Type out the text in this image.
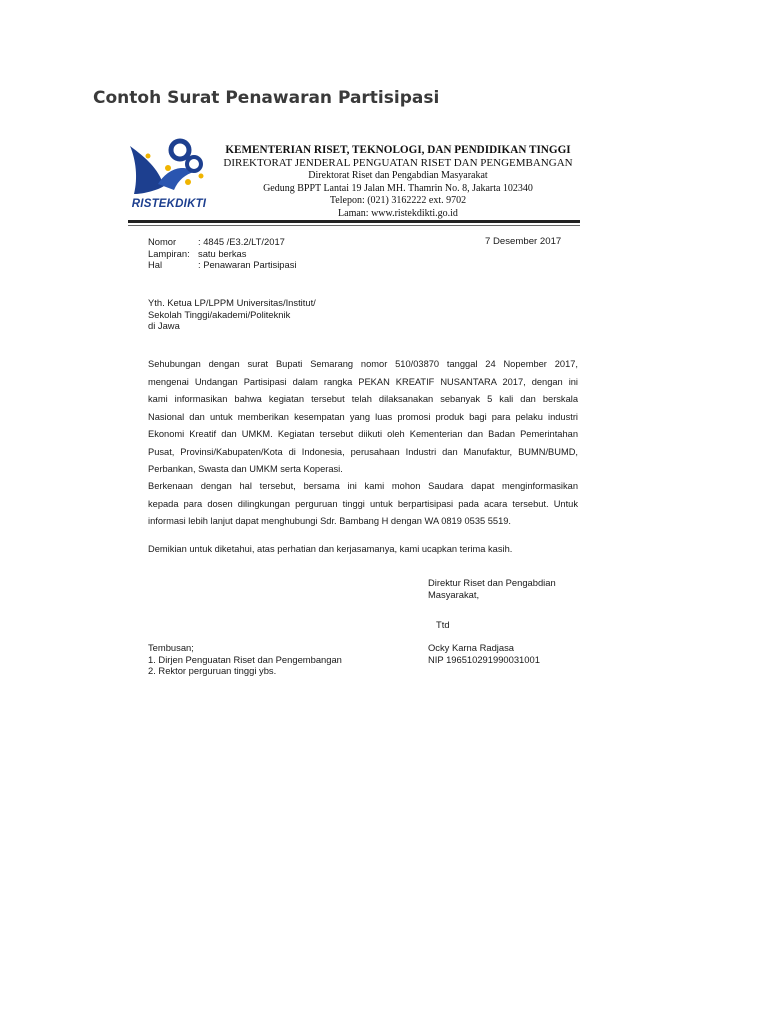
Contoh Surat Penawaran Partisipasi
RISTEKDIKTI
KEMENTERIAN RISET, TEKNOLOGI, DAN PENDIDIKAN TINGGI
DIREKTORAT JENDERAL PENGUATAN RISET DAN PENGEMBANGAN
Direktorat Riset dan Pengabdian Masyarakat
Gedung BPPT Lantai 19 Jalan MH. Thamrin No. 8, Jakarta 102340
Telepon: (021) 3162222 ext. 9702
Laman: www.ristekdikti.go.id
Nomor	: 4845 /E3.2/LT/2017
Lampiran: satu berkas
Hal	: Penawaran Partisipasi
7 Desember 2017
Yth. Ketua LP/LPPM Universitas/Institut/
Sekolah Tinggi/akademi/Politeknik
di Jawa
Sehubungan dengan surat Bupati Semarang nomor 510/03870 tanggal 24 Nopember 2017,
mengenai Undangan Partisipasi dalam rangka PEKAN KREATIF NUSANTARA 2017, dengan ini
kami informasikan bahwa kegiatan tersebut telah dilaksanakan sebanyak 5 kali dan berskala
Nasional dan untuk memberikan kesempatan yang luas promosi produk bagi para pelaku industri
Ekonomi Kreatif dan UMKM. Kegiatan tersebut diikuti oleh Kementerian dan Badan Pemerintahan
Pusat, Provinsi/Kabupaten/Kota di Indonesia, perusahaan Industri dan Manufaktur, BUMN/BUMD,
Perbankan, Swasta dan UMKM serta Koperasi.
Berkenaan dengan hal tersebut, bersama ini kami mohon Saudara dapat menginformasikan
kepada para dosen dilingkungan perguruan tinggi untuk berpartisipasi pada acara tersebut. Untuk
informasi lebih lanjut dapat menghubungi Sdr. Bambang H dengan WA 0819 0535 5519.
Demikian untuk diketahui, atas perhatian dan kerjasamanya, kami ucapkan terima kasih.
Direktur Riset dan Pengabdian
Masyarakat,
Ttd
Ocky Karna Radjasa
NIP 196510291990031001
Tembusan;
1. Dirjen Penguatan Riset dan Pengembangan
2. Rektor perguruan tinggi ybs.
